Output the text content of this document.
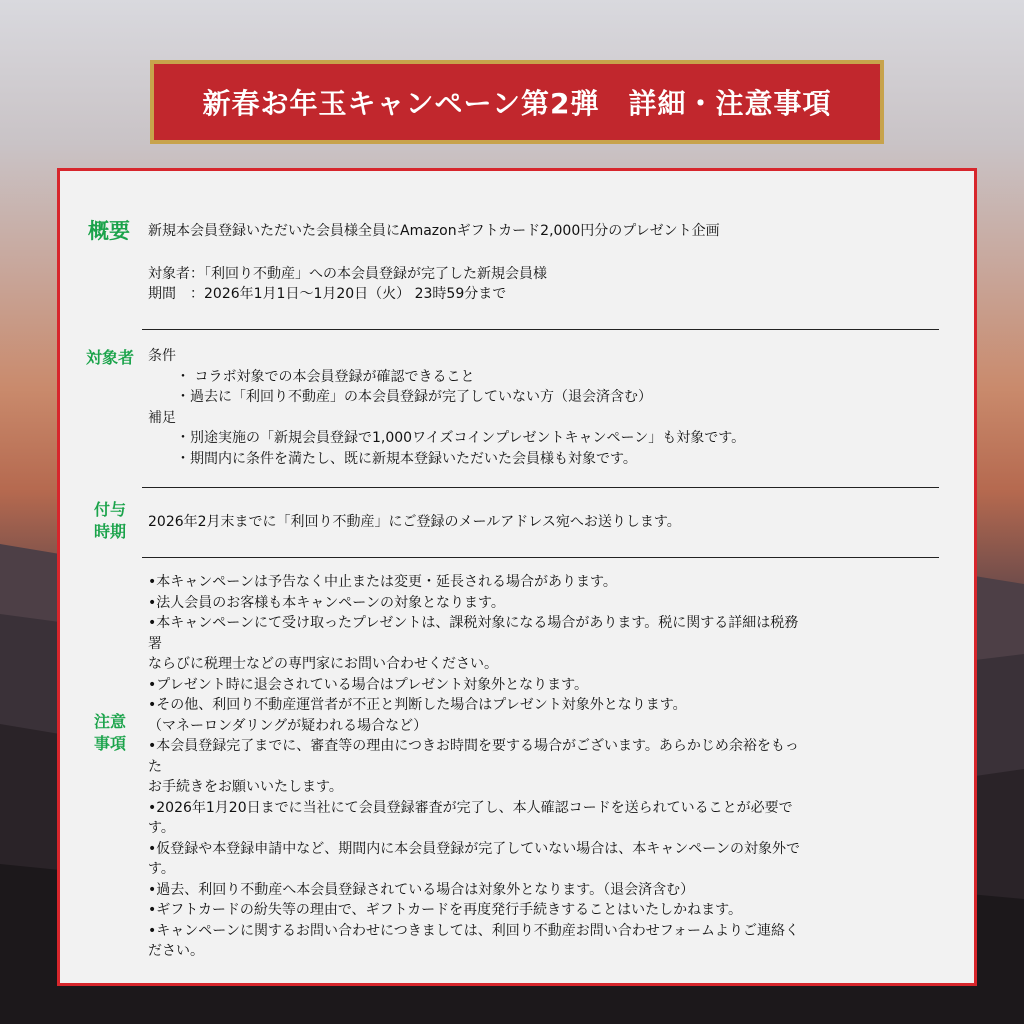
新春お年玉キャンペーン第2弾　詳細・注意事項
概要	新規本会員登録いただいた会員様全員にAmazonギフトカード2,000円分のプレゼント企画
対象者：「利回り不動産」への本会員登録が完了した新規会員様
期間　：2026年1月1日～1月20日（火） 23時59分まで
対象者	条件
　　・ コラボ対象での本会員登録が確認できること
　　・過去に「利回り不動産」の本会員登録が完了していない方（退会済含む）
補足
　　・別途実施の「新規会員登録で1,000ワイズコインプレゼントキャンペーン」も対象です。
　　・期間内に条件を満たし、既に新規本登録いただいた会員様も対象です。
付与
時期	2026年2月末までに「利回り不動産」にご登録のメールアドレス宛へお送りします。
注意
事項
•本キャンペーンは予告なく中止または変更・延長される場合があります。
•法人会員のお客様も本キャンペーンの対象となります。
•本キャンペーンにて受け取ったプレゼントは、課税対象になる場合があります。税に関する詳細は税務
署
ならびに税理士などの専門家にお問い合わせください。
•プレゼント時に退会されている場合はプレゼント対象外となります。
•その他、利回り不動産運営者が不正と判断した場合はプレゼント対象外となります。
（マネーロンダリングが疑われる場合など）
•本会員登録完了までに、審査等の理由につきお時間を要する場合がございます。あらかじめ余裕をもっ
た
お手続きをお願いいたします。
•2026年1月20日までに当社にて会員登録審査が完了し、本人確認コードを送られていることが必要で
す。
•仮登録や本登録申請中など、期間内に本会員登録が完了していない場合は、本キャンペーンの対象外で
す。
•過去、利回り不動産へ本会員登録されている場合は対象外となります。（退会済含む）
•ギフトカードの紛失等の理由で、ギフトカードを再度発行手続きすることはいたしかねます。
•キャンペーンに関するお問い合わせにつきましては、利回り不動産お問い合わせフォームよりご連絡く
ださい。
